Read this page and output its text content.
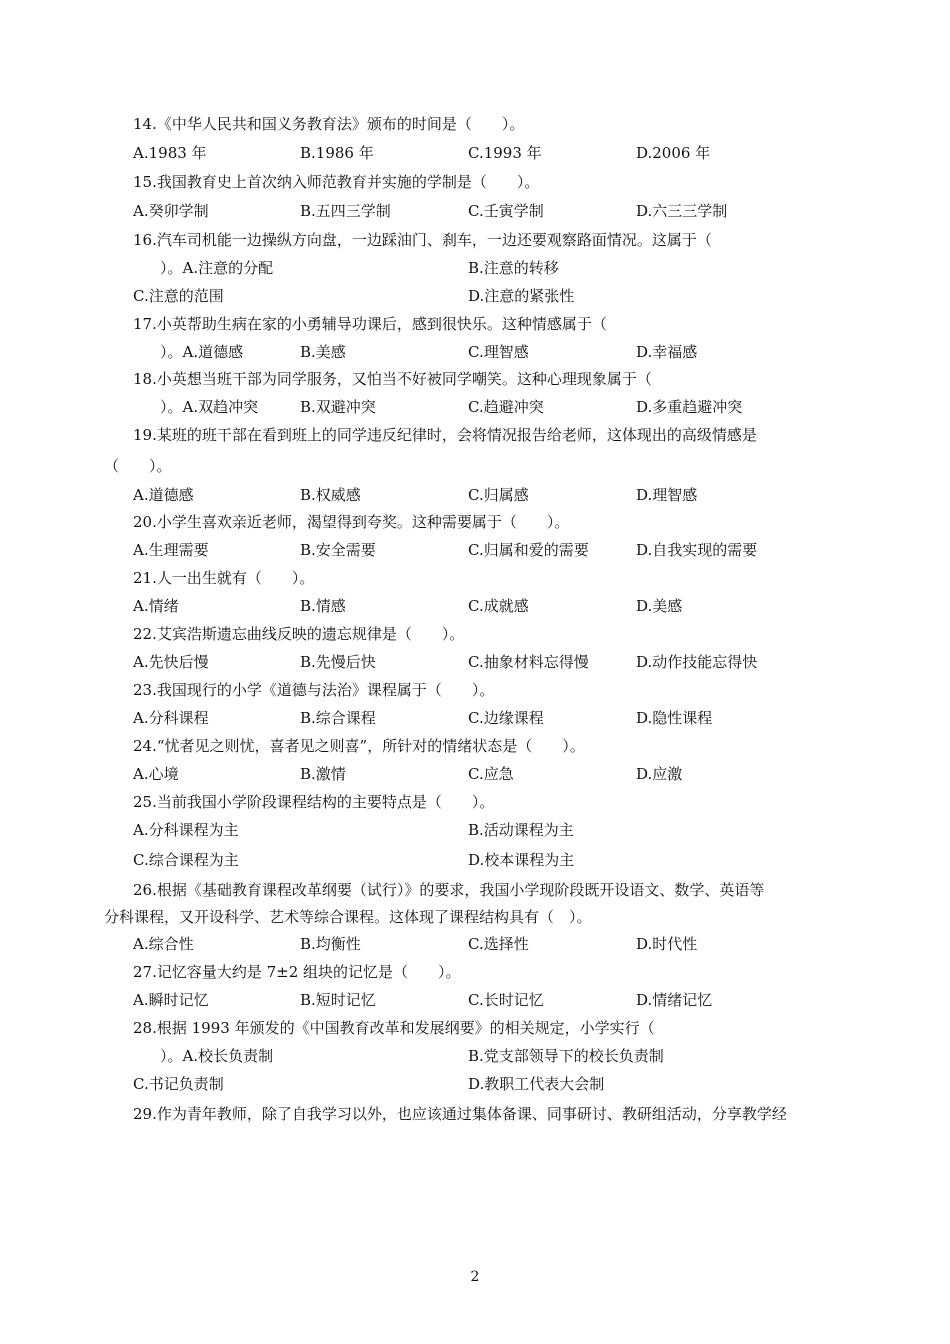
14.《中华人民共和国义务教育法》颁布的时间是（　　）。
A.1983 年	B.1986 年	C.1993 年	D.2006 年
15.我国教育史上首次纳入师范教育并实施的学制是（　　）。
A.癸卯学制	B.五四三学制	C.壬寅学制	D.六三三学制
16.汽车司机能一边操纵方向盘，一边踩油门、刹车，一边还要观察路面情况。这属于（
）。A.注意的分配	B.注意的转移
C.注意的范围	D.注意的紧张性
17.小英帮助生病在家的小勇辅导功课后，感到很快乐。这种情感属于（
）。A.道德感	B.美感	C.理智感	D.幸福感
18.小英想当班干部为同学服务，又怕当不好被同学嘲笑。这种心理现象属于（
）。A.双趋冲突	B.双避冲突	C.趋避冲突	D.多重趋避冲突
19.某班的班干部在看到班上的同学违反纪律时，会将情况报告给老师，这体现出的高级情感是
（　　）。
A.道德感	B.权威感	C.归属感	D.理智感
20.小学生喜欢亲近老师，渴望得到夸奖。这种需要属于（　　）。
A.生理需要	B.安全需要	C.归属和爱的需要	D.自我实现的需要
21.人一出生就有（　　）。
A.情绪	B.情感	C.成就感	D.美感
22.艾宾浩斯遗忘曲线反映的遗忘规律是（　　）。
A.先快后慢	B.先慢后快	C.抽象材料忘得慢	D.动作技能忘得快
23.我国现行的小学《道德与法治》课程属于（　　）。
A.分科课程	B.综合课程	C.边缘课程	D.隐性课程
24.“忧者见之则忧，喜者见之则喜”，所针对的情绪状态是（　　）。
A.心境	B.激情	C.应急	D.应激
25.当前我国小学阶段课程结构的主要特点是（　　）。
A.分科课程为主	B.活动课程为主
C.综合课程为主	D.校本课程为主
26.根据《基础教育课程改革纲要（试行）》的要求，我国小学现阶段既开设语文、数学、英语等
分科课程，又开设科学、艺术等综合课程。这体现了课程结构具有（　）。
A.综合性	B.均衡性	C.选择性	D.时代性
27.记忆容量大约是 7±2 组块的记忆是（　　）。
A.瞬时记忆	B.短时记忆	C.长时记忆	D.情绪记忆
28.根据 1993 年颁发的《中国教育改革和发展纲要》的相关规定，小学实行（
）。A.校长负责制	B.党支部领导下的校长负责制
C.书记负责制	D.教职工代表大会制
29.作为青年教师，除了自我学习以外，也应该通过集体备课、同事研讨、教研组活动，分享教学经
2
